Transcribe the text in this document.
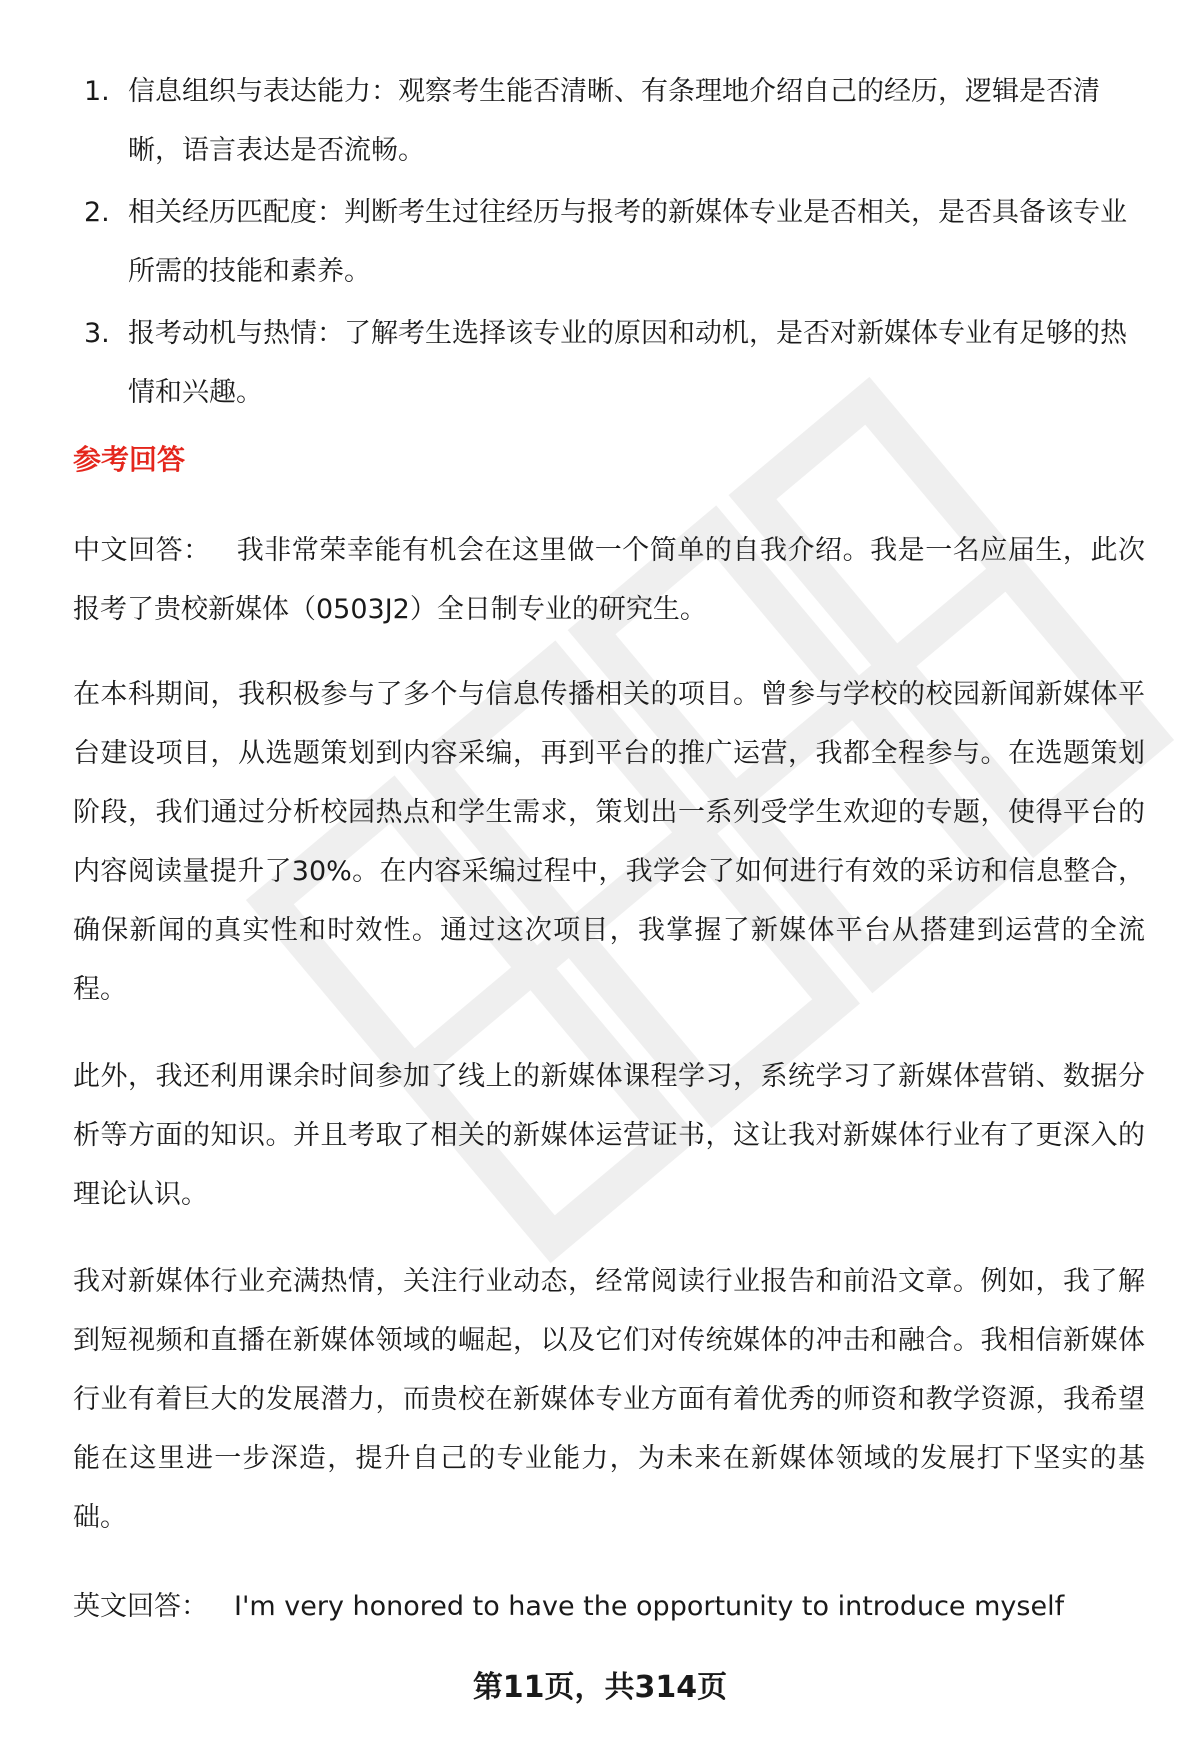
1. 信息组织与表达能力：观察考生能否清晰、有条理地介绍自己的经历，逻辑是否清晰，语言表达是否流畅。
2. 相关经历匹配度：判断考生过往经历与报考的新媒体专业是否相关，是否具备该专业所需的技能和素养。
3. 报考动机与热情：了解考生选择该专业的原因和动机，是否对新媒体专业有足够的热情和兴趣。
参考回答

中文回答： 我非常荣幸能有机会在这里做一个简单的自我介绍。我是一名应届生，此次报考了贵校新媒体（0503J2）全日制专业的研究生。

在本科期间，我积极参与了多个与信息传播相关的项目。曾参与学校的校园新闻新媒体平台建设项目，从选题策划到内容采编，再到平台的推广运营，我都全程参与。在选题策划阶段，我们通过分析校园热点和学生需求，策划出一系列受学生欢迎的专题，使得平台的内容阅读量提升了30%。在内容采编过程中，我学会了如何进行有效的采访和信息整合，确保新闻的真实性和时效性。通过这次项目，我掌握了新媒体平台从搭建到运营的全流程。

此外，我还利用课余时间参加了线上的新媒体课程学习，系统学习了新媒体营销、数据分析等方面的知识。并且考取了相关的新媒体运营证书，这让我对新媒体行业有了更深入的理论认识。

我对新媒体行业充满热情，关注行业动态，经常阅读行业报告和前沿文章。例如，我了解到短视频和直播在新媒体领域的崛起，以及它们对传统媒体的冲击和融合。我相信新媒体行业有着巨大的发展潜力，而贵校在新媒体专业方面有着优秀的师资和教学资源，我希望能在这里进一步深造，提升自己的专业能力，为未来在新媒体领域的发展打下坚实的基础。

英文回答： I'm very honored to have the opportunity to introduce myself

第11页，共314页
